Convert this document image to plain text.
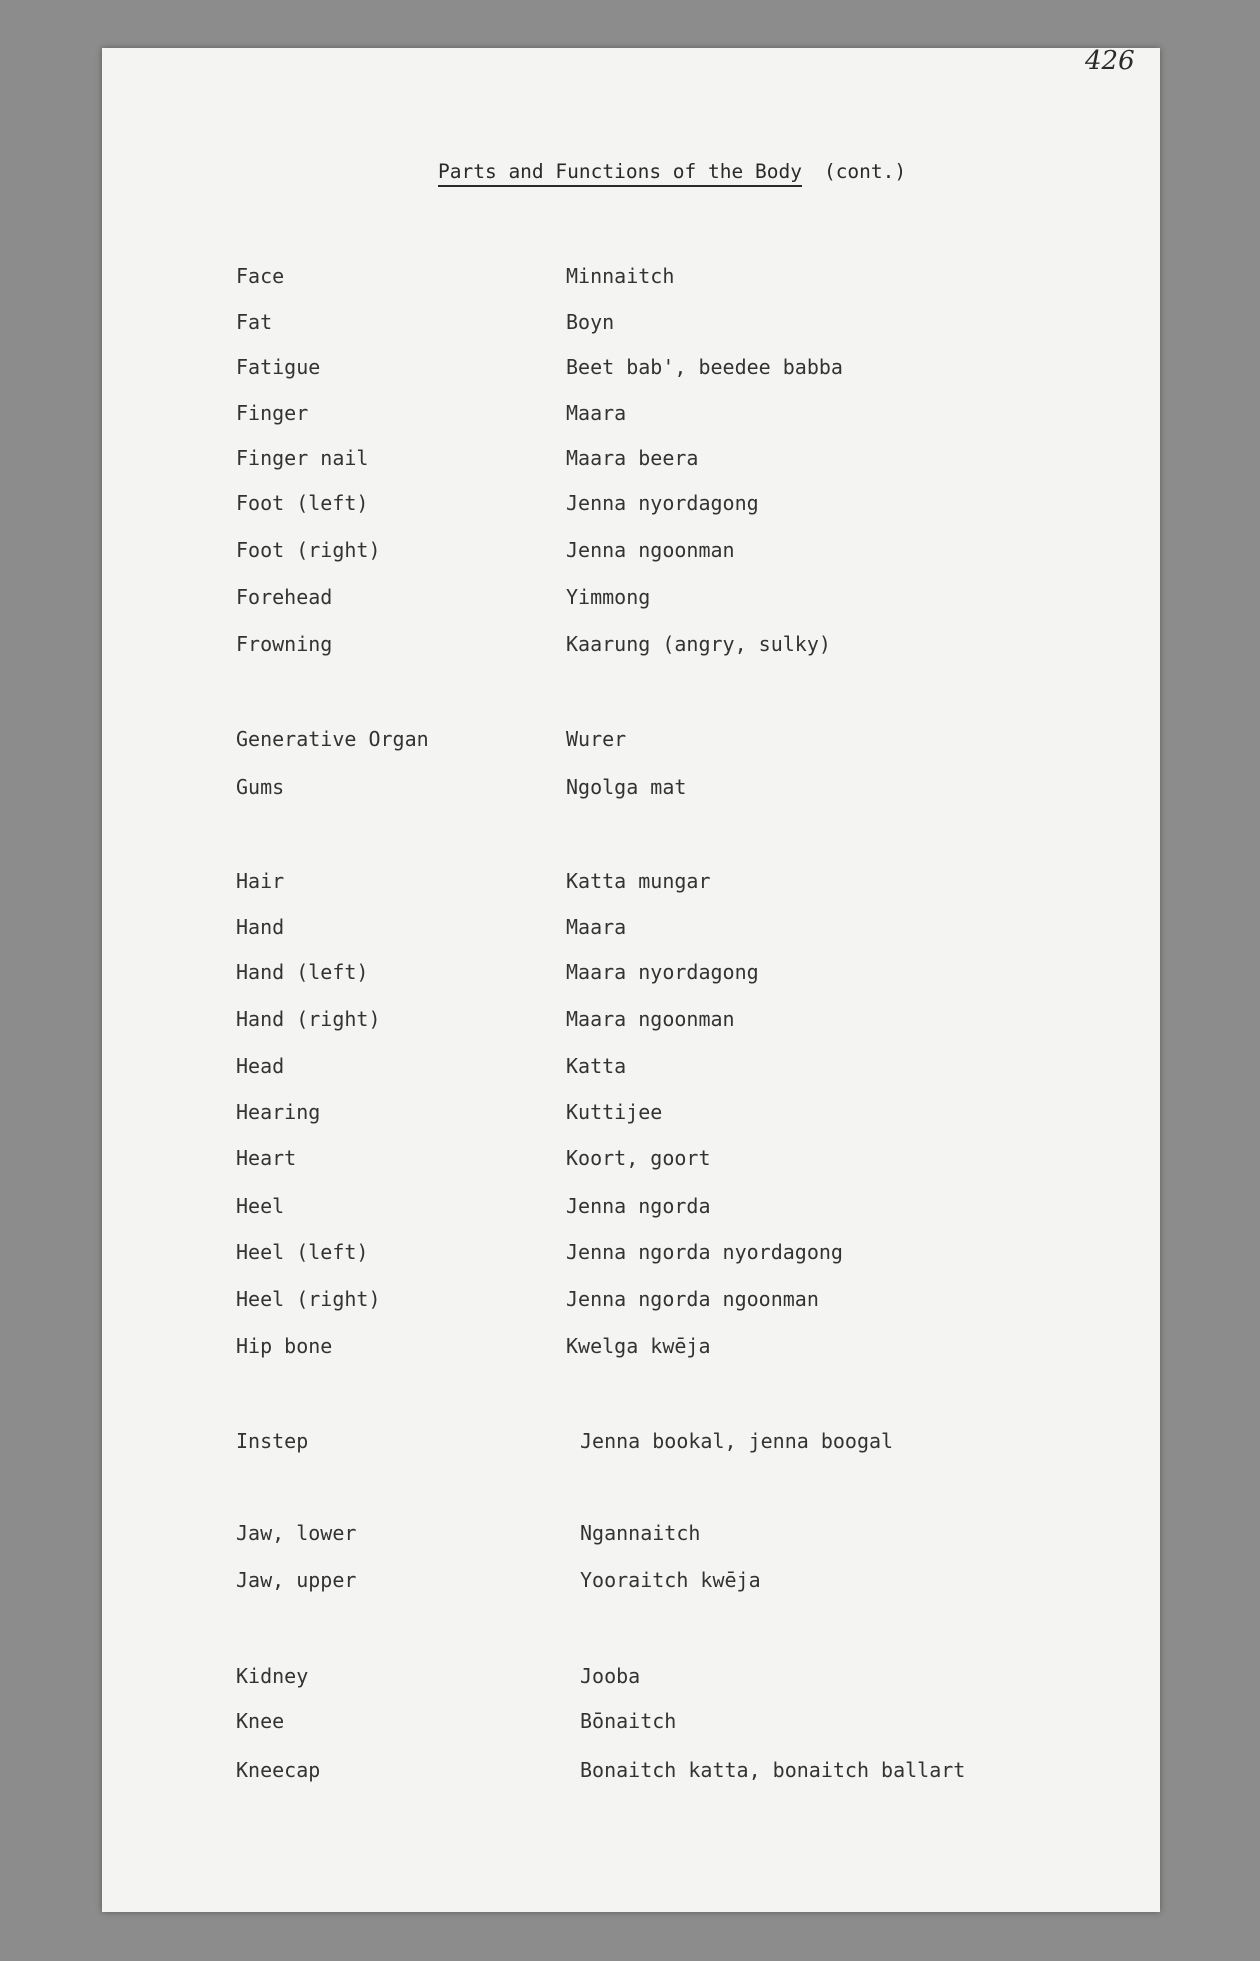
426
Parts and Functions of the Body (cont.)
Face	Minnaitch
Fat	Boyn
Fatigue	Beet bab', beedee babba
Finger	Maara
Finger nail	Maara beera
Foot (left)	Jenna nyordagong
Foot (right)	Jenna ngoonman
Forehead	Yimmong
Frowning	Kaarung (angry, sulky)
Generative Organ	Wurer
Gums	Ngolga mat
Hair	Katta mungar
Hand	Maara
Hand (left)	Maara nyordagong
Hand (right)	Maara ngoonman
Head	Katta
Hearing	Kuttijee
Heart	Koort, goort
Heel	Jenna ngorda
Heel (left)	Jenna ngorda nyordagong
Heel (right)	Jenna ngorda ngoonman
Hip bone	Kwelga kwēja
Instep	Jenna bookal, jenna boogal
Jaw, lower	Ngannaitch
Jaw, upper	Yooraitch kwēja
Kidney	Jooba
Knee	Bōnaitch
Kneecap	Bonaitch katta, bonaitch ballart
